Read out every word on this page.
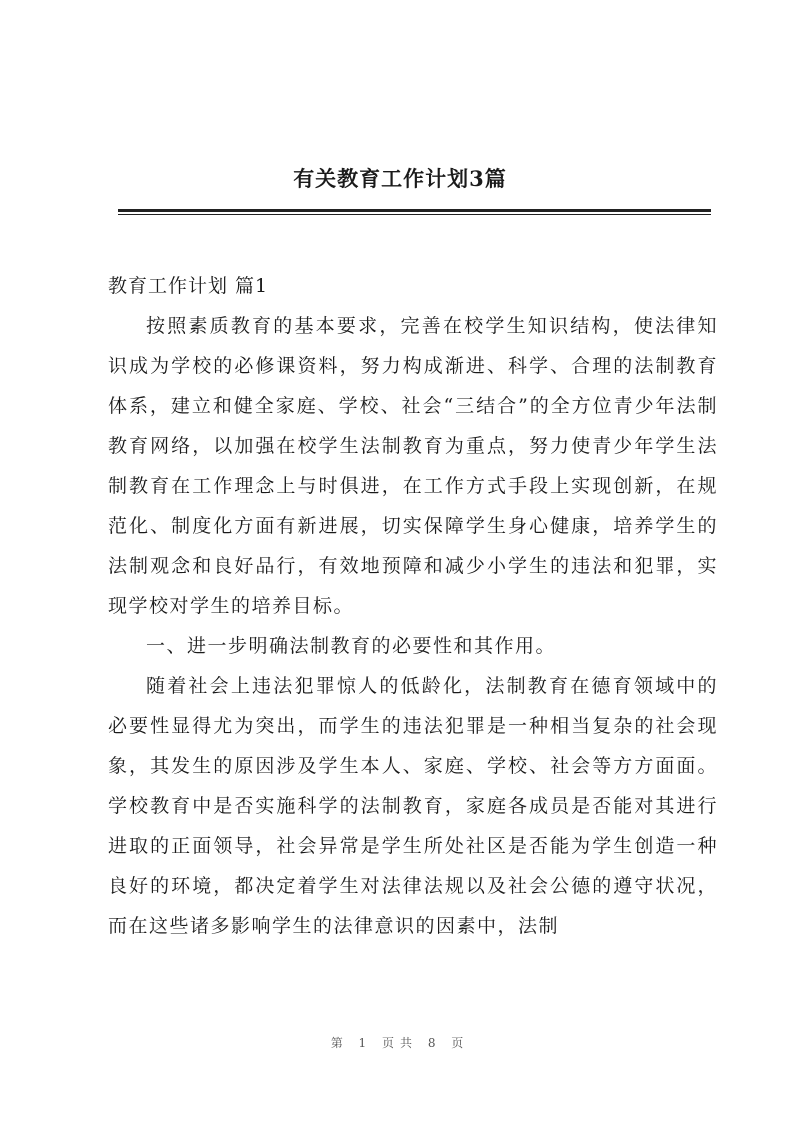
有关教育工作计划3篇

教育工作计划 篇1

按照素质教育的基本要求，完善在校学生知识结构，使法律知识成为学校的必修课资料，努力构成渐进、科学、合理的法制教育体系，建立和健全家庭、学校、社会“三结合”的全方位青少年法制教育网络，以加强在校学生法制教育为重点，努力使青少年学生法制教育在工作理念上与时俱进，在工作方式手段上实现创新，在规范化、制度化方面有新进展，切实保障学生身心健康，培养学生的法制观念和良好品行，有效地预障和减少小学生的违法和犯罪，实现学校对学生的培养目标。

一、进一步明确法制教育的必要性和其作用。

随着社会上违法犯罪惊人的低龄化，法制教育在德育领域中的必要性显得尤为突出，而学生的违法犯罪是一种相当复杂的社会现象，其发生的原因涉及学生本人、家庭、学校、社会等方方面面。学校教育中是否实施科学的法制教育，家庭各成员是否能对其进行进取的正面领导，社会异常是学生所处社区是否能为学生创造一种良好的环境，都决定着学生对法律法规以及社会公德的遵守状况，而在这些诸多影响学生的法律意识的因素中，法制

第 1 页共 8 页
